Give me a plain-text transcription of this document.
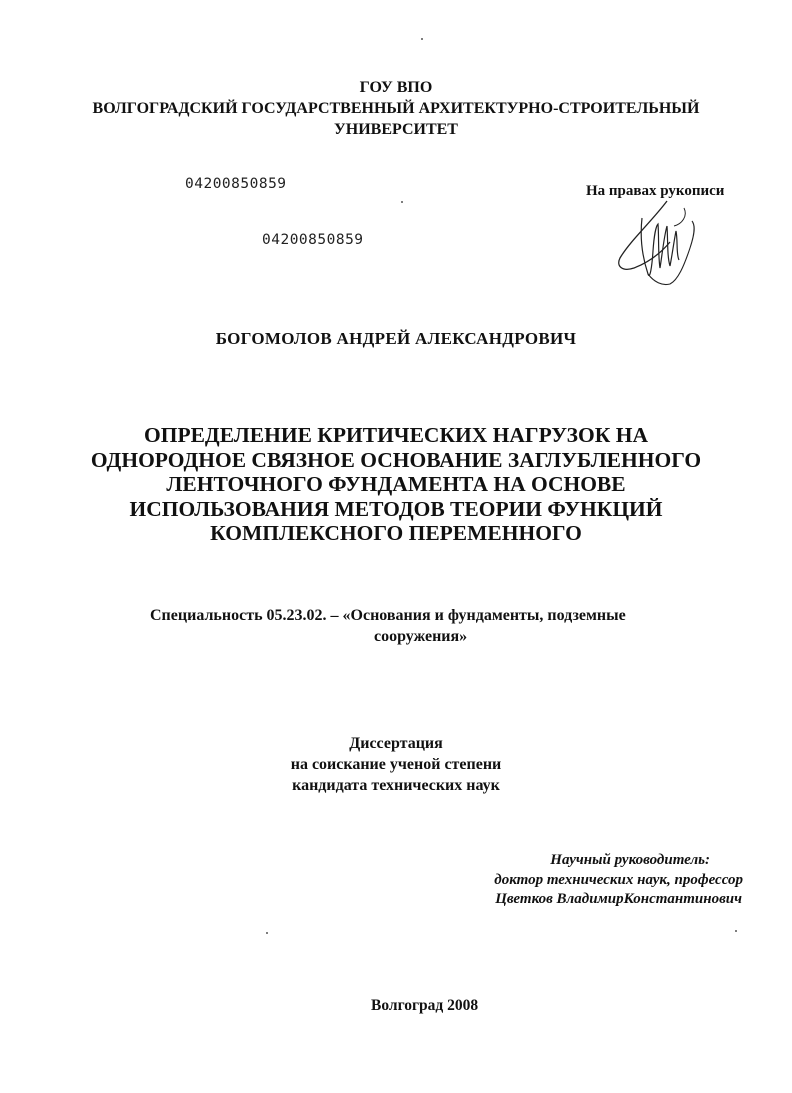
ГОУ ВПО
ВОЛГОГРАДСКИЙ ГОСУДАРСТВЕННЫЙ АРХИТЕКТУРНО-СТРОИТЕЛЬНЫЙ
УНИВЕРСИТЕТ
04200850859
04200850859
На правах рукописи
БОГОМОЛОВ АНДРЕЙ АЛЕКСАНДРОВИЧ
ОПРЕДЕЛЕНИЕ КРИТИЧЕСКИХ НАГРУЗОК НА
ОДНОРОДНОЕ СВЯЗНОЕ ОСНОВАНИЕ ЗАГЛУБЛЕННОГО
ЛЕНТОЧНОГО ФУНДАМЕНТА НА ОСНОВЕ
ИСПОЛЬЗОВАНИЯ МЕТОДОВ ТЕОРИИ ФУНКЦИЙ
КОМПЛЕКСНОГО ПЕРЕМЕННОГО
Специальность 05.23.02. – «Основания и фундаменты, подземные
сооружения»
Диссертация
на соискание ученой степени
кандидата технических наук
Научный руководитель:
доктор технических наук, профессор
Цветков ВладимирКонстантинович
Волгоград 2008
